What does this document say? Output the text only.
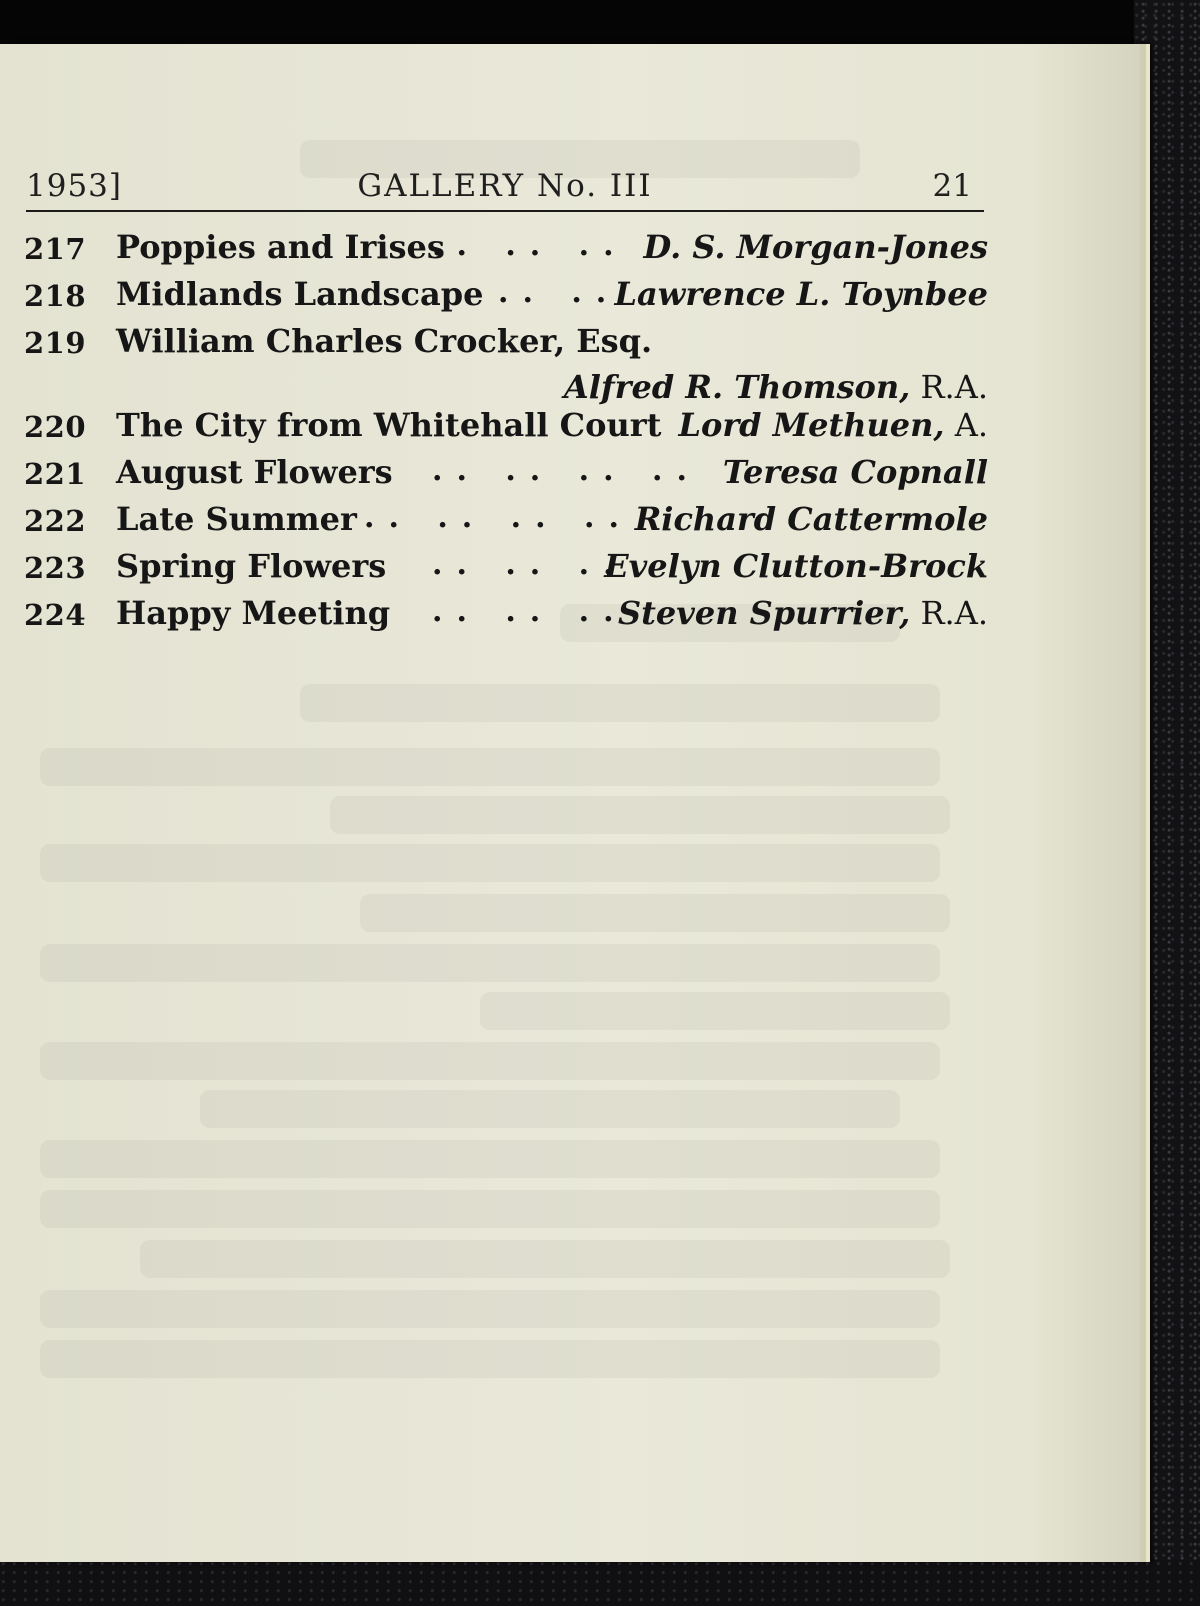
1953]	GALLERY No. III	21
217 Poppies and Irises
.. .. .. D. S. Morgan-Jones
218 Midlands Landscape .. ..
Lawrence L. Toynbee
219 William Charles Crocker, Esq.
Alfred R. Thomson, R.A.
220 The City from Whitehall Court Lord Methuen, A.
221 August Flowers .. .. .. .. Teresa Copnall
222 Late Summer .. .. .. .. Richard Cattermole
223 Spring Flowers .. .. ..
Evelyn Clutton-Brock
224 Happy Meeting .. .. ..
Steven Spurrier, R.A.
